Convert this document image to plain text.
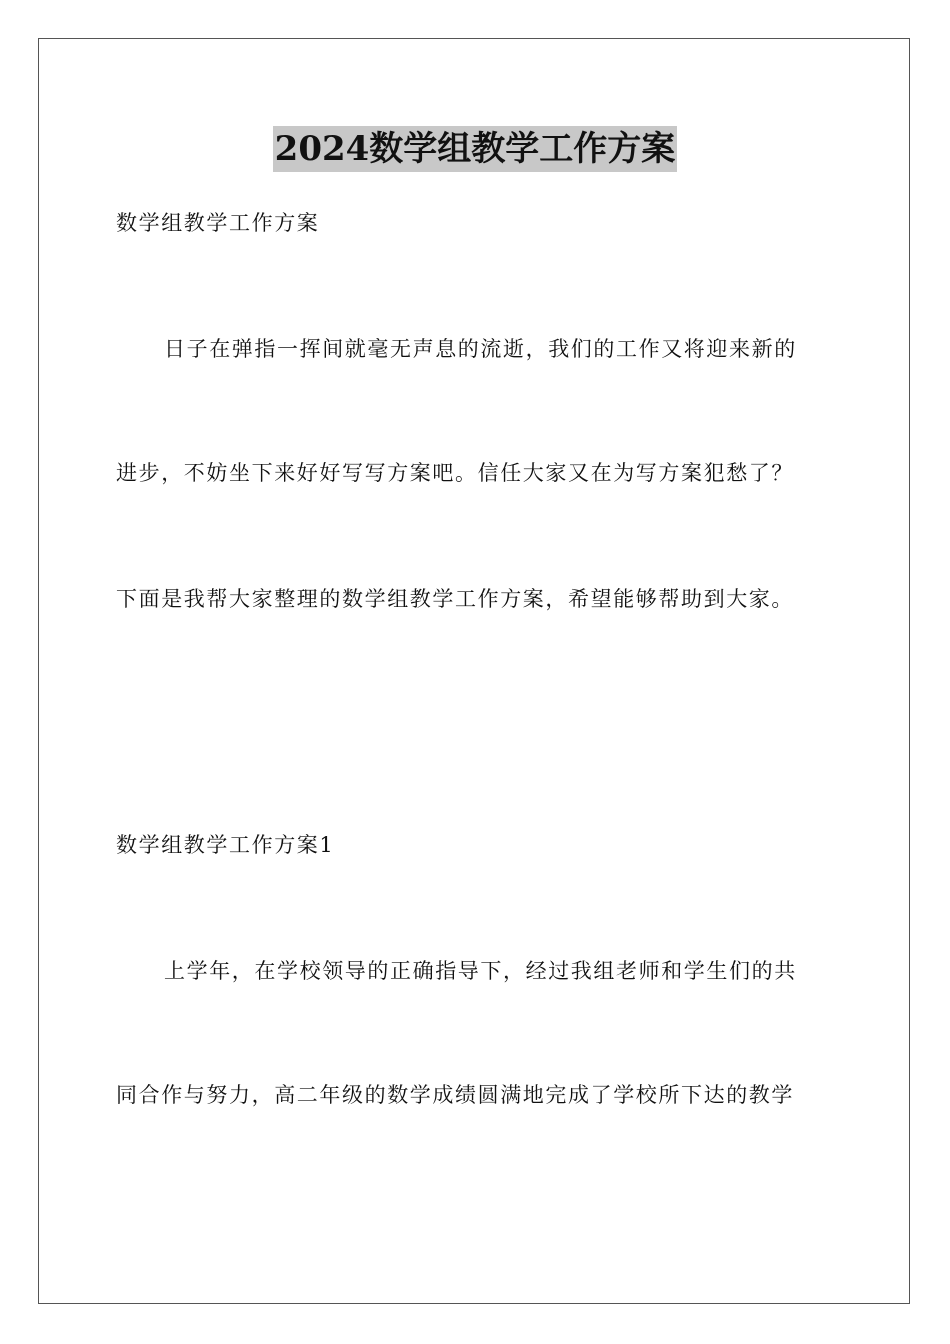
2024数学组教学工作方案
数学组教学工作方案
日子在弹指一挥间就毫无声息的流逝，我们的工作又将迎来新的
进步，不妨坐下来好好写写方案吧。信任大家又在为写方案犯愁了？
下面是我帮大家整理的数学组教学工作方案，希望能够帮助到大家。
数学组教学工作方案1
上学年，在学校领导的正确指导下，经过我组老师和学生们的共
同合作与努力，高二年级的数学成绩圆满地完成了学校所下达的教学
